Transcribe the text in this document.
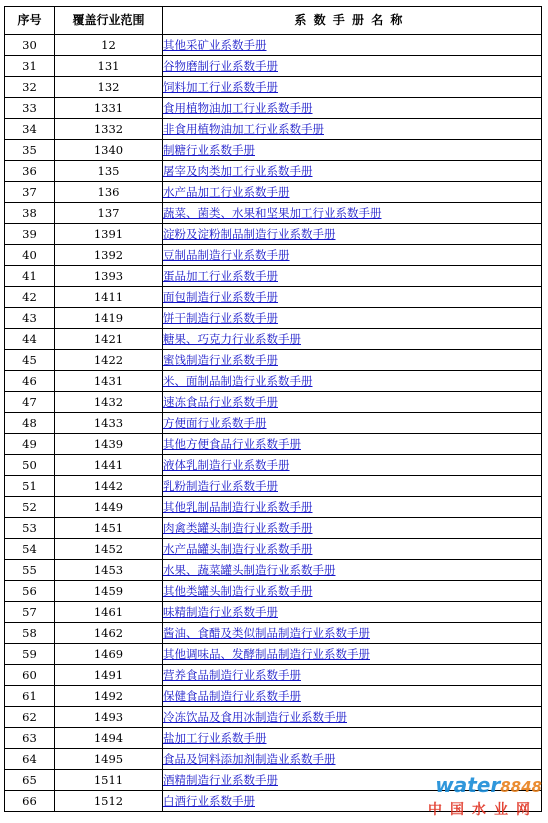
序号	覆盖行业范围	系数手册名称
30	12	其他采矿业系数手册
31	131	谷物磨制行业系数手册
32	132	饲料加工行业系数手册
33	1331	食用植物油加工行业系数手册
34	1332	非食用植物油加工行业系数手册
35	1340	制糖行业系数手册
36	135	屠宰及肉类加工行业系数手册
37	136	水产品加工行业系数手册
38	137	蔬菜、菌类、水果和坚果加工行业系数手册
39	1391	淀粉及淀粉制品制造行业系数手册
40	1392	豆制品制造行业系数手册
41	1393	蛋品加工行业系数手册
42	1411	面包制造行业系数手册
43	1419	饼干制造行业系数手册
44	1421	糖果、巧克力行业系数手册
45	1422	蜜饯制造行业系数手册
46	1431	米、面制品制造行业系数手册
47	1432	速冻食品行业系数手册
48	1433	方便面行业系数手册
49	1439	其他方便食品行业系数手册
50	1441	液体乳制造行业系数手册
51	1442	乳粉制造行业系数手册
52	1449	其他乳制品制造行业系数手册
53	1451	肉禽类罐头制造行业系数手册
54	1452	水产品罐头制造行业系数手册
55	1453	水果、蔬菜罐头制造行业系数手册
56	1459	其他类罐头制造行业系数手册
57	1461	味精制造行业系数手册
58	1462	酱油、食醋及类似制品制造行业系数手册
59	1469	其他调味品、发酵制品制造行业系数手册
60	1491	营养食品制造行业系数手册
61	1492	保健食品制造行业系数手册
62	1493	冷冻饮品及食用冰制造行业系数手册
63	1494	盐加工行业系数手册
64	1495	食品及饲料添加剂制造业系数手册
65	1511	酒精制造行业系数手册
66	1512	白酒行业系数手册
water8848
中国水业网
